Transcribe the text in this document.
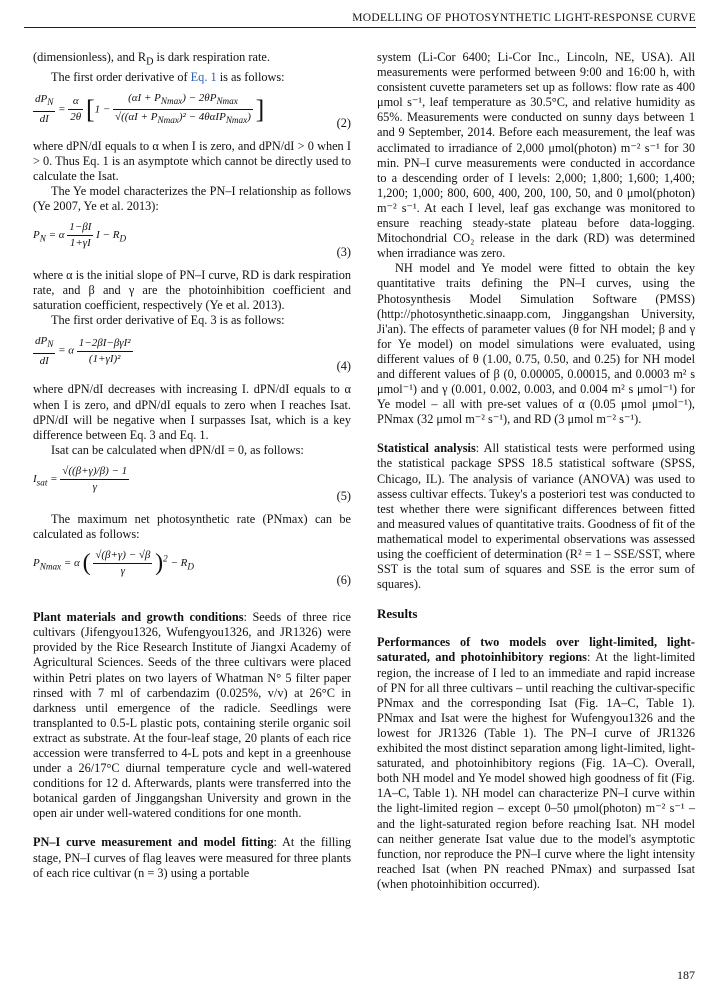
MODELLING OF PHOTOSYNTHETIC LIGHT-RESPONSE CURVE

(dimensionless), and $R_D$ is dark respiration rate.

The first order derivative of Eq. 1 is as follows:

$\frac{dP_N}{dI} = \frac{\alpha}{2\theta} [1 - \frac{(\alpha I + P_{Nmax}) - 2\theta P_{Nmax}}{√((\alpha I + P_{Nmax})^2 - 4\theta\alpha IP_{Nmax})}$ ]	(2)

where dPN/dI equals to α when I is zero, and dPN/dI > 0 when I > 0. Thus Eq. 1 is an asymptote which cannot be directly used to calculate the Isat.

The Ye model characterizes the PN–I relationship as follows (Ye 2007, Ye et al. 2013):

$P_N = \alpha \frac{1-\beta I}{1+\gamma I}$ $I - R_D$
(3)

where α is the initial slope of PN–I curve, RD is dark respiration rate, and β and γ are the photoinhibition coefficient and saturation coefficient, respectively (Ye et al. 2013).

The first order derivative of Eq. 3 is as follows:

$\frac{dP_N}{dI} = \alpha \frac{\text{1−2βI−βγI²}}{\text{(1+γI)²}}$	(4)

where dPN/dI decreases with increasing I. dPN/dI equals to α when I is zero, and dPN/dI equals to zero when I reaches Isat. dPN/dI will be negative when I surpasses Isat, which is a key difference between Eq. 3 and Eq. 1.

Isat can be calculated when dPN/dI = 0, as follows:

$I_{sat} = \frac{√((\beta+\gamma)/\beta) - 1}{\gamma}$
(5)

The maximum net photosynthetic rate (PNmax) can be calculated as follows:

$P_{Nmax} = \alpha$ ( $\frac{√(\beta+\gamma) - √\beta}{\gamma} )^2 - R_D$
(6)

Plant materials and growth conditions: Seeds of three rice cultivars (Jifengyou1326, Wufengyou1326, and JR1326) were provided by the Rice Research Institute of Jiangxi Academy of Agricultural Sciences. Seeds of the three cultivars were placed within Petri plates on two layers of Whatman N° 5 filter paper rinsed with 7 ml of carbendazim (0.025%, v/v) at 26°C in darkness until emergence of the radicle. Seedlings were transplanted to 0.5-L plastic pots, containing sterile organic soil extract as substrate. At the four-leaf stage, 20 plants of each rice accession were transferred to 4-L pots and kept in a greenhouse under a 26/17°C diurnal temperature cycle and well-watered conditions for 12 d. Afterwards, plants were transferred into the botanical garden of Jinggangshan University and grown in the open air under well-watered conditions for one month.

PN–I curve measurement and model fitting: At the filling stage, PN–I curves of flag leaves were measured for three plants of each rice cultivar (n = 3) using a portable

system (Li-Cor 6400; Li-Cor Inc., Lincoln, NE, USA). All measurements were performed between 9:00 and 16:00 h, with consistent cuvette parameters set up as follows: flow rate as 400 μmol s⁻¹, leaf temperature as 30.5°C, and relative humidity as 65%. Measurements were conducted on sunny days between 1 and 9 September, 2014. Before each measurement, the leaf was acclimated to irradiance of 2,000 μmol(photon) m⁻² s⁻¹ for 30 min. PN–I curve measurements were conducted in accordance to a descending order of I levels: 2,000; 1,800; 1,600; 1,400; 1,200; 1,000; 800, 600, 400, 200, 100, 50, and 0 μmol(photon) m⁻² s⁻¹. At each I level, leaf gas exchange was monitored to ensure reaching steady-state plateau before data-logging. Mitochondrial CO₂ release in the dark (RD) was determined when irradiance was zero.

NH model and Ye model were fitted to obtain the key quantitative traits defining the PN–I curves, using the Photosynthesis Model Simulation Software (PMSS) (http://photosynthetic.sinaapp.com, Jinggangshan University, Ji'an). The effects of parameter values (θ for NH model; β and γ for Ye model) on model simulations were evaluated, using different values of θ (1.00, 0.75, 0.50, and 0.25) for NH model and different values of β (0, 0.00005, 0.00015, and 0.0003 m² s μmol⁻¹) and γ (0.001, 0.002, 0.003, and 0.004 m² s μmol⁻¹) for Ye model – all with pre-set values of α (0.05 μmol μmol⁻¹), PNmax (32 μmol m⁻² s⁻¹), and RD (3 μmol m⁻² s⁻¹).

Statistical analysis: All statistical tests were performed using the statistical package SPSS 18.5 statistical software (SPSS, Chicago, IL). The analysis of variance (ANOVA) was used to assess cultivar effects. Tukey's a posteriori test was conducted to test whether there were significant differences between fitted and measured values of quantitative traits. Goodness of fit of the mathematical model to experimental observations was assessed using the coefficient of determination (R² = 1 – SSE/SST, where SST is the total sum of squares and SSE is the error sum of squares).

Results

Performances of two models over light-limited, light-saturated, and photoinhibitory regions: At the light-limited region, the increase of I led to an immediate and rapid increase of PN for all three cultivars – until reaching the cultivar-specific PNmax and the corresponding Isat (Fig. 1A–C, Table 1). PNmax and Isat were the highest for Wufengyou1326 and the lowest for JR1326 (Table 1). The PN–I curve of JR1326 exhibited the most distinct separation among light-limited, light-saturated, and photoinhibitory regions (Fig. 1A–C). Overall, both NH model and Ye model showed high goodness of fit (Fig. 1A–C, Table 1). NH model can characterize PN–I curve within the light-limited region – except 0–50 μmol(photon) m⁻² s⁻¹ – and the light-saturated region before reaching Isat. NH model can neither generate Isat value due to the model's asymptotic function, nor reproduce the PN–I curve where the light intensity reached Isat (when PN reached PNmax) and surpassed Isat (when photoinhibition occurred).

187
